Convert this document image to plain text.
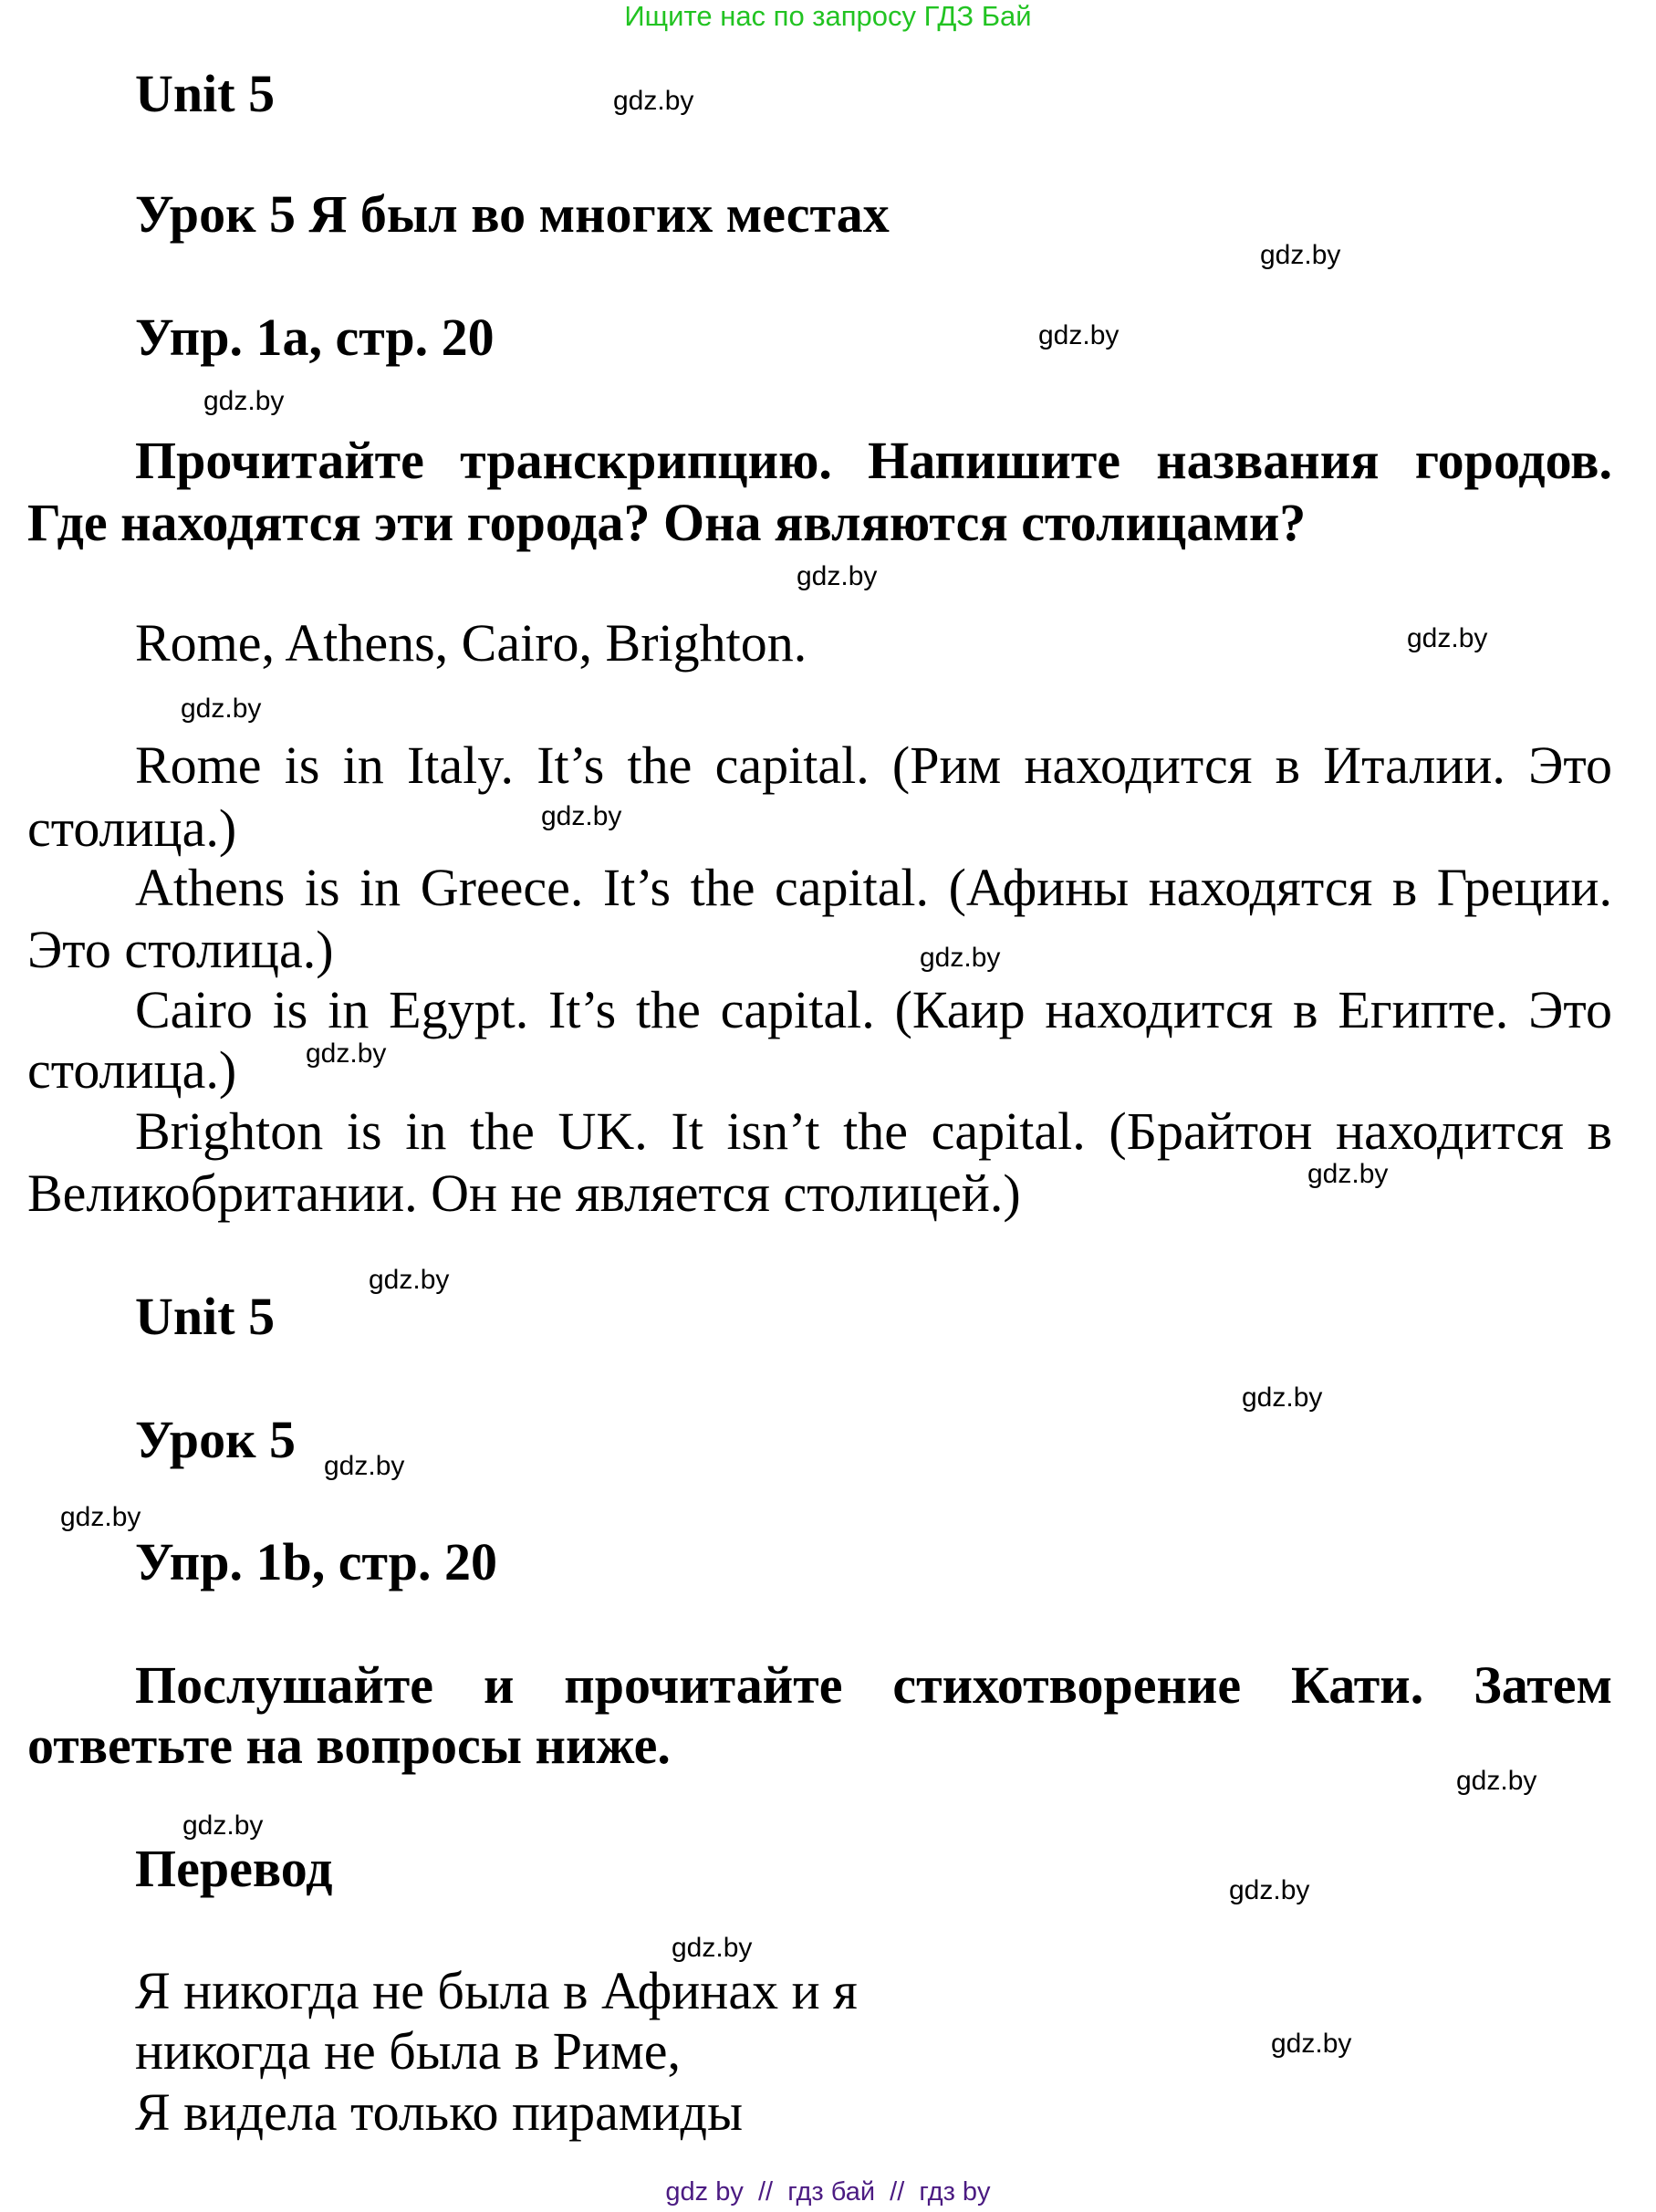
Ищите нас по запросу ГДЗ Бай
Unit 5
Урок 5 Я был во многих местах
Упр. 1а, стр. 20
Прочитайте транскрипцию. Напишите названия городов.
Где находятся эти города? Она являются столицами?
Rome, Athens, Cairo, Brighton.
Rome is in Italy. It’s the capital. (Рим находится в Италии. Это
столица.)
Athens is in Greece. It’s the capital. (Афины находятся в Греции.
Это столица.)
Cairo is in Egypt. It’s the capital. (Каир находится в Египте. Это
столица.)
Brighton is in the UK. It isn’t the capital. (Брайтон находится в
Великобритании. Он не является столицей.)
Unit 5
Урок 5
Упр. 1b, стр. 20
Послушайте и прочитайте стихотворение Кати. Затем
ответьте на вопросы ниже.
Перевод
Я никогда не была в Афинах и я
никогда не была в Риме,
Я видела только пирамиды
gdz.by
gdz.by
gdz.by
gdz.by
gdz.by
gdz.by
gdz.by
gdz.by
gdz.by
gdz.by
gdz.by
gdz.by
gdz.by
gdz.by
gdz.by
gdz.by
gdz.by
gdz.by
gdz.by
gdz.by
gdz by  //  гдз бай  //  гдз by
